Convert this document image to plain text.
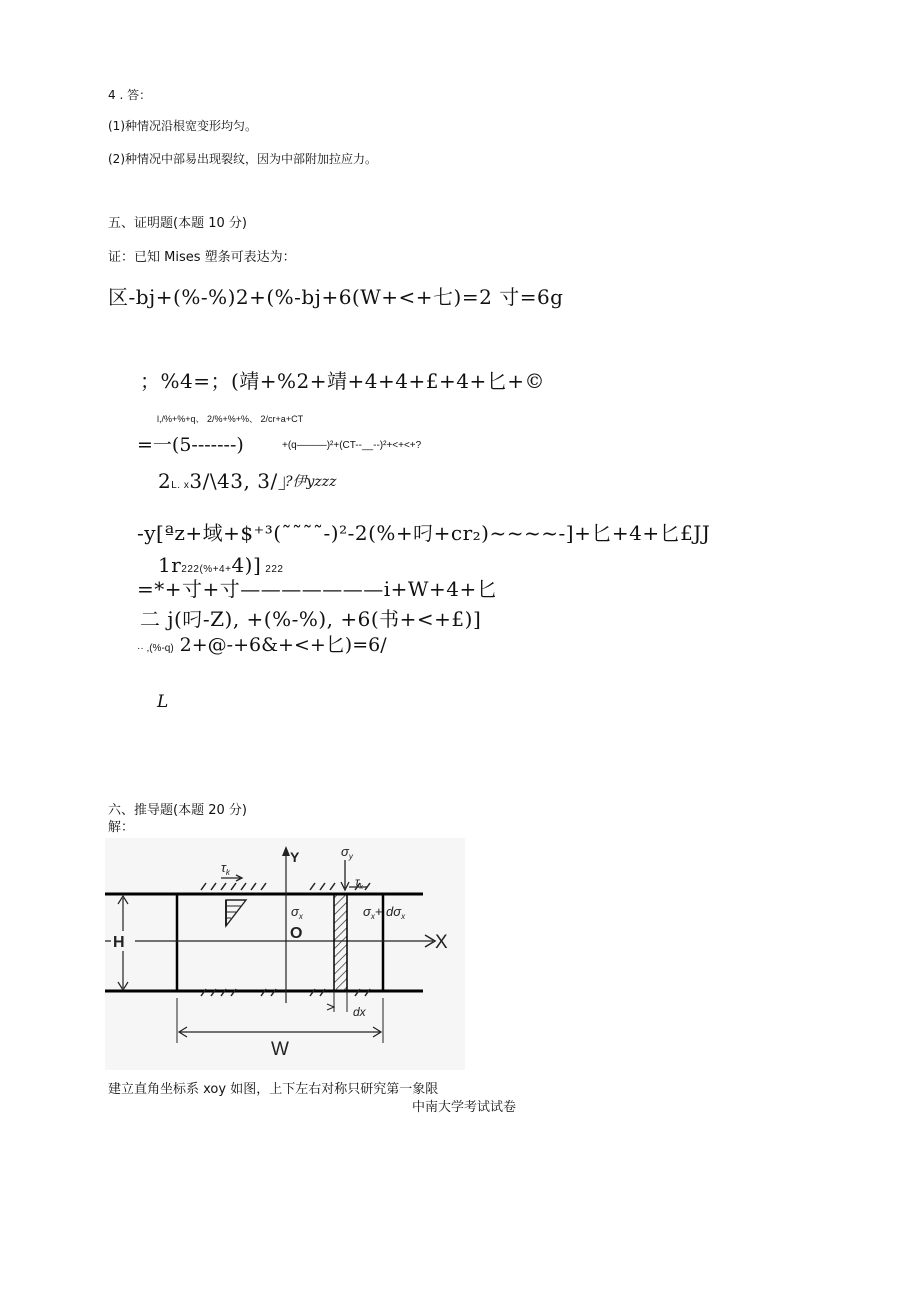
4 . 答：
(1)种情况沿根宽变形均匀。
(2)种情况中部易出现裂纹，因为中部附加拉应力。
五、证明题(本题 10 分)
证：已知 Mises 塑条可表达为：
区-bj+(%-%)2+(%-bj+6(W+<+七)=2 寸=6g
；%4=；(靖+%2+靖+4+4+£+4+匕+©
l,/%+%+q、 2/%+%+%、 2/cr+a+CT
=一(5-------)	+(q———)²+(CT--__--)²+<+<+?
2L. x3/\43, 3/」
?伊yzzz
-y[ªz+域+$⁺³(˜˜˜˜-)²-2(%+叼+cr₂)~~~~-]+匕+4+匕£JJ
1r222(%+4+4)] 222
=*+寸+寸———————i+W+4+匕
二 j(叼-Z), +(%-%), +6(书+<+£)]
·· ,(%-q) 2+@-+6&+<+匕)=6/
L
六、推导题(本题 20 分)
解：
Y
X
O
H
W
$\tau_k$
$\sigma_y$
$\tau_k$
$\sigma_x$	$\sigma_x+ d\sigma_x$
dx
建立直角坐标系 xoy 如图，上下左右对称只研究第一象限
中南大学考试试卷
